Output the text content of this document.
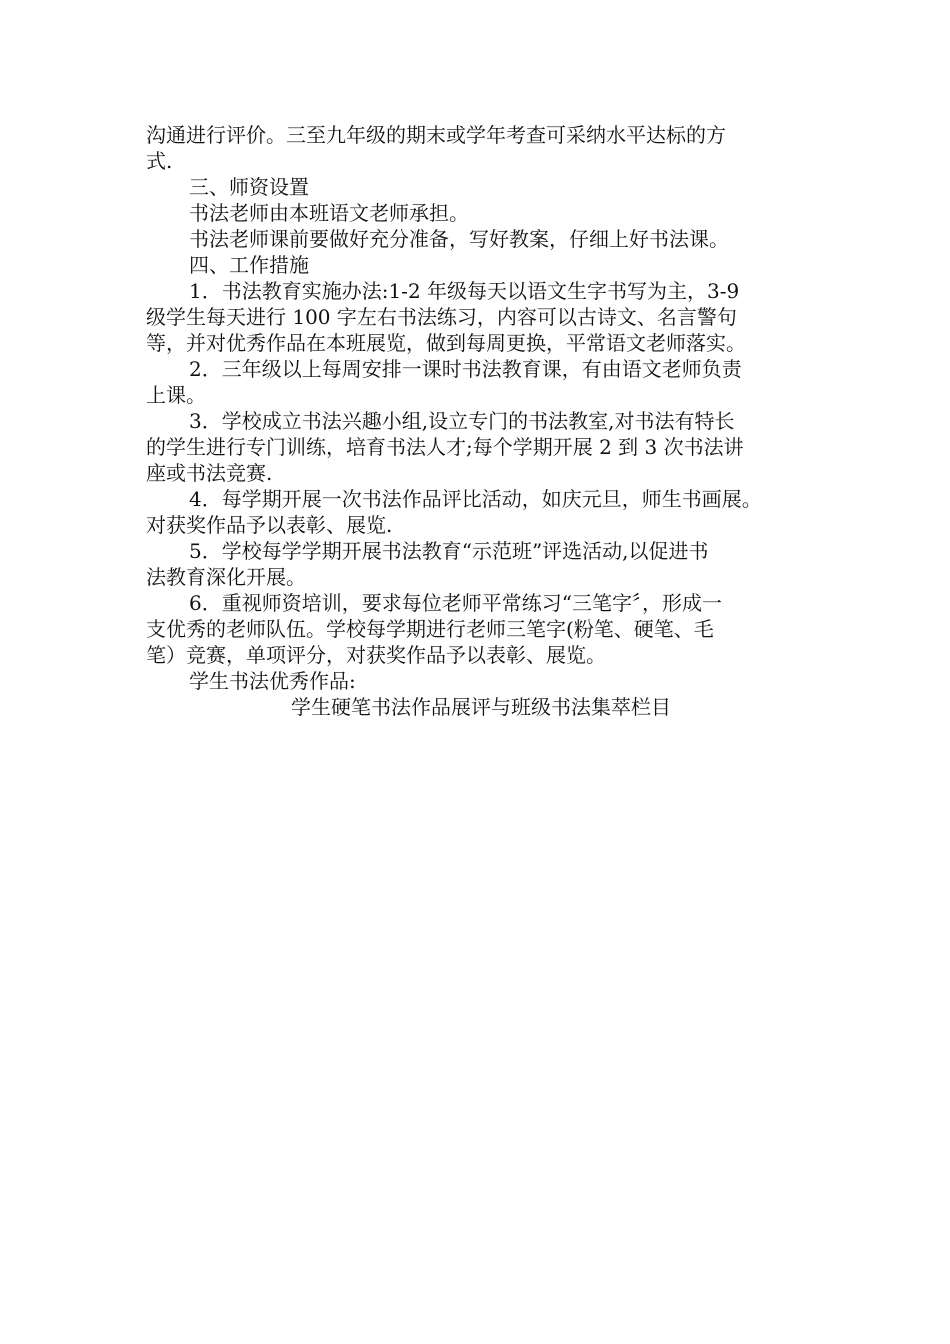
沟通进行评价。三至九年级的期末或学年考查可采纳水平达标的方
式.
三、师资设置
书法老师由本班语文老师承担。
书法老师课前要做好充分准备，写好教案，仔细上好书法课。
四、工作措施
1．书法教育实施办法:1-2 年级每天以语文生字书写为主，3-9
级学生每天进行 100 字左右书法练习，内容可以古诗文、名言警句
等，并对优秀作品在本班展览，做到每周更换，平常语文老师落实。
2．三年级以上每周安排一课时书法教育课，有由语文老师负责
上课。
3．学校成立书法兴趣小组,设立专门的书法教室,对书法有特长
的学生进行专门训练，培育书法人才;每个学期开展 2 到 3 次书法讲
座或书法竞赛.
4．每学期开展一次书法作品评比活动，如庆元旦，师生书画展。
对获奖作品予以表彰、展览.
5．学校每学学期开展书法教育“示范班”评选活动,以促进书
法教育深化开展。
6．重视师资培训，要求每位老师平常练习“三笔字〞，形成一
支优秀的老师队伍。学校每学期进行老师三笔字(粉笔、硬笔、毛
笔）竞赛，单项评分，对获奖作品予以表彰、展览。
学生书法优秀作品:
学生硬笔书法作品展评与班级书法集萃栏目
